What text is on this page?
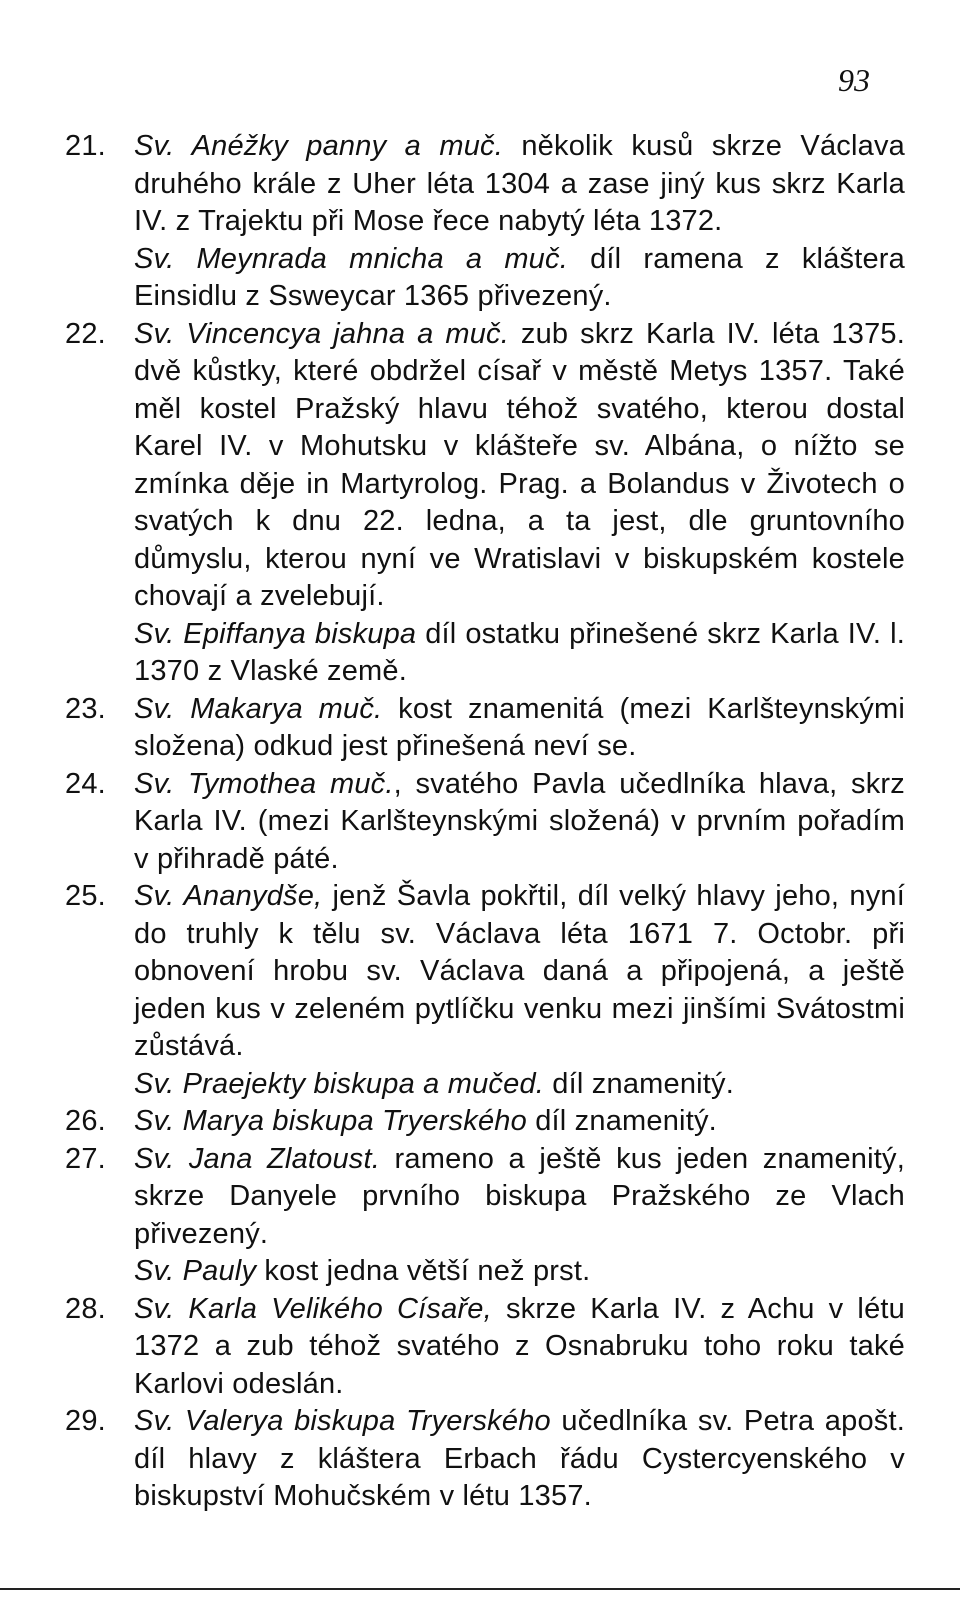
93
21. Sv. Anéžky panny a muč. několik kusů skrze Václava druhého krále z Uher léta 1304 a zase jiný kus skrz Karla IV. z Trajektu při Mose řece nabytý léta 1372.
Sv. Meynrada mnicha a muč. díl ramena z kláštera Einsidlu z Ssweycar 1365 přivezený.
22. Sv. Vincencya jahna a muč. zub skrz Karla IV. léta 1375. dvě kůstky, které obdržel císař v městě Metys 1357. Také měl kostel Pražský hlavu téhož svatého, kterou dostal Karel IV. v Mohutsku v klášteře sv. Albána, o nížto se zmínka děje in Martyrolog. Prag. a Bolandus v Životech o svatých k dnu 22. ledna, a ta jest, dle gruntovního důmyslu, kterou nyní ve Wratislavi v biskupském kostele chovají a zvelebují.
Sv. Epiffanya biskupa díl ostatku přinešené skrz Karla IV. l. 1370 z Vlaské země.
23. Sv. Makarya muč. kost znamenitá (mezi Karlšteynskými složena) odkud jest přinešená neví se.
24. Sv. Tymothea muč., svatého Pavla učedlníka hlava, skrz Karla IV. (mezi Karlšteynskými složená) v prvním pořadím v přihradě páté.
25. Sv. Ananydše, jenž Šavla pokřtil, díl velký hlavy jeho, nyní do truhly k tělu sv. Václava léta 1671 7. Octobr. při obnovení hrobu sv. Václava daná a připojená, a ještě jeden kus v zeleném pytlíčku venku mezi jinšími Svátostmi zůstává.
Sv. Praejekty biskupa a mučed. díl znamenitý.
26. Sv. Marya biskupa Tryerského díl znamenitý.
27. Sv. Jana Zlatoust. rameno a ještě kus jeden znamenitý, skrze Danyele prvního biskupa Pražského ze Vlach přivezený.
Sv. Pauly kost jedna větší než prst.
28. Sv. Karla Velikého Císaře, skrze Karla IV. z Achu v létu 1372 a zub téhož svatého z Osnabruku toho roku také Karlovi odeslán.
29. Sv. Valerya biskupa Tryerského učedlníka sv. Petra apošt. díl hlavy z kláštera Erbach řádu Cystercyenského v biskupství Mohučském v létu 1357.
